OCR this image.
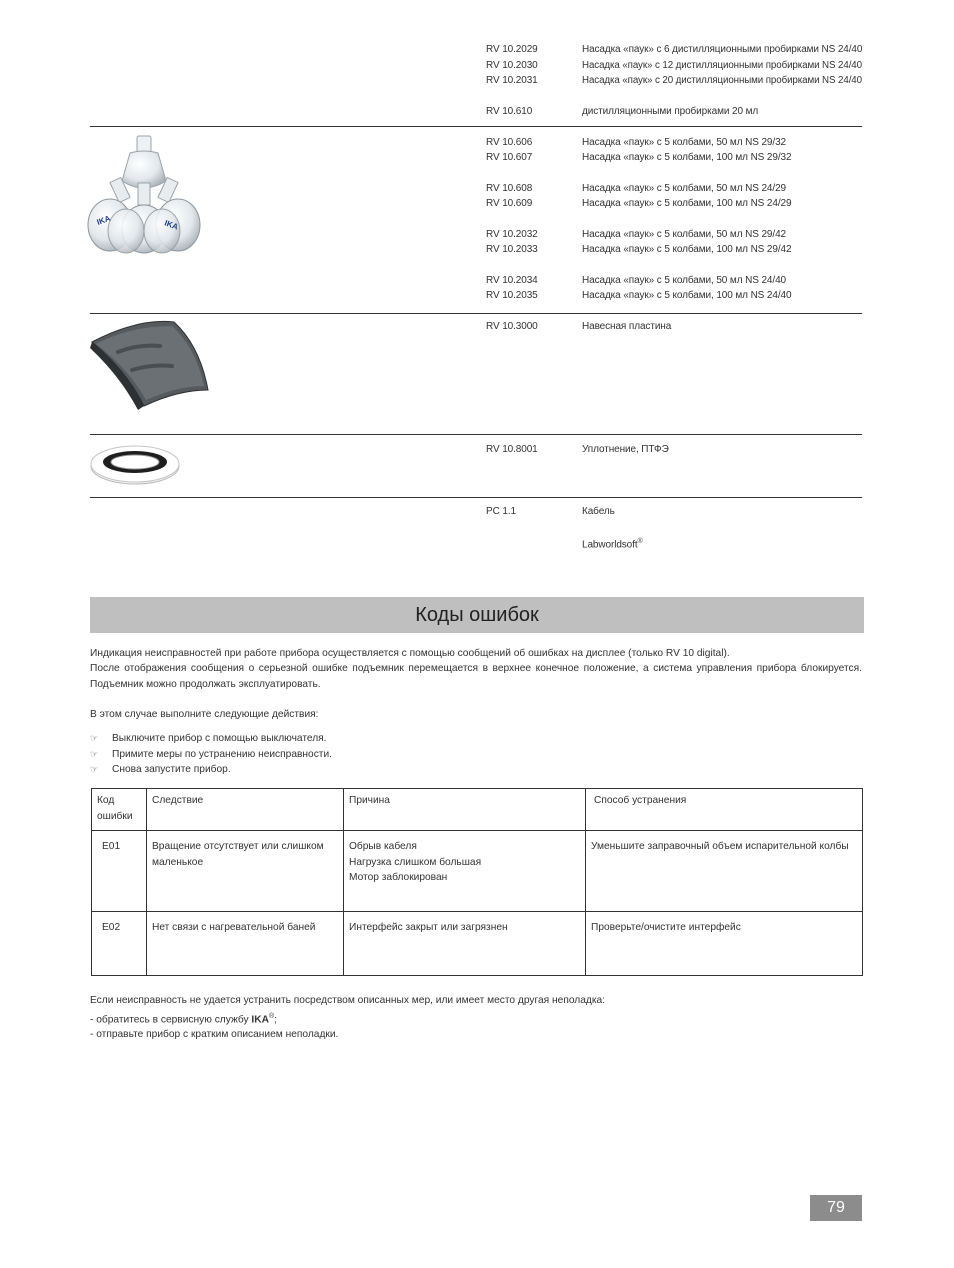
RV 10.2029	Насадка «паук» с 6 дистилляционными пробирками NS 24/40
RV 10.2030	Насадка «паук» с 12 дистилляционными пробирками NS 24/40
RV 10.2031	Насадка «паук» с 20 дистилляционными пробирками NS 24/40
RV 10.610	дистилляционными пробирками 20 мл
IKA	IKA
RV 10.606	Насадка «паук» с 5 колбами, 50 мл NS 29/32
RV 10.607	Насадка «паук» с 5 колбами, 100 мл NS 29/32
RV 10.608	Насадка «паук» с 5 колбами, 50 мл NS 24/29
RV 10.609	Насадка «паук» с 5 колбами, 100 мл NS 24/29
RV 10.2032	Насадка «паук» с 5 колбами, 50 мл NS 29/42
RV 10.2033	Насадка «паук» с 5 колбами, 100 мл NS 29/42
RV 10.2034	Насадка «паук» с 5 колбами, 50 мл NS 24/40
RV 10.2035	Насадка «паук» с 5 колбами, 100 мл NS 24/40
RV 10.3000	Навесная пластина
RV 10.8001	Уплотнение, ПТФЭ
PC 1.1	Кабель
Labworldsoft®
Коды ошибок
Индикация неисправностей при работе прибора осуществляется с помощью сообщений об ошибках на дисплее (только RV 10 digital).
После отображения сообщения о серьезной ошибке подъемник перемещается в верхнее конечное положение, а система управления прибора блокируется. Подъемник можно продолжать эксплуатировать.
В этом случае выполните следующие действия:
☞ Выключите прибор с помощью выключателя.
☞ Примите меры по устранению неисправности.
☞ Снова запустите прибор.
Код
ошибки	Следствие	Причина	Способ устранения
E01	Вращение отсутствует или слишком маленькое	Обрыв кабеля
Нагрузка слишком большая
Мотор заблокирован	Уменьшите заправочный объем испарительной колбы
E02	Нет связи с нагревательной баней	Интерфейс закрыт или загрязнен	Проверьте/очистите интерфейс
Если неисправность не удается устранить посредством описанных мер, или имеет место другая неполадка:
- обратитесь в сервисную службу IKA®;
- отправьте прибор с кратким описанием неполадки.
79
